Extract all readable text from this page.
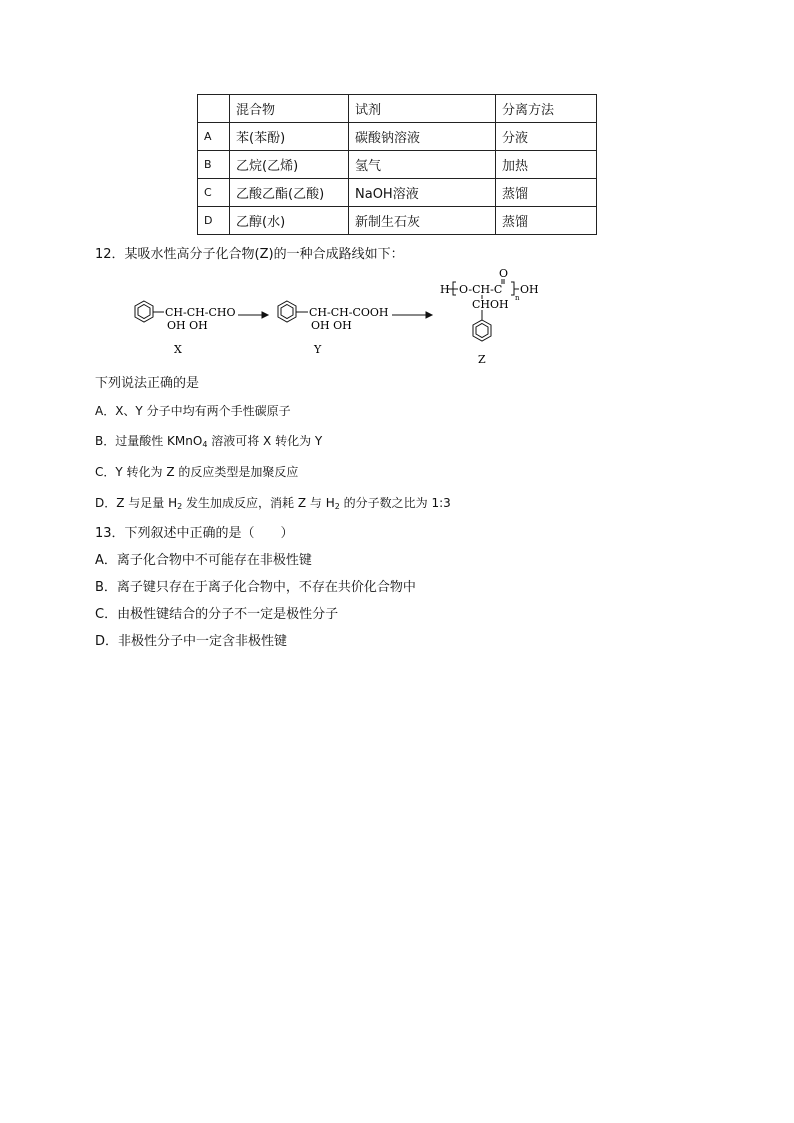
	混合物	试剂	分离方法
A	苯(苯酚)	碳酸钠溶液	分液
B	乙烷(乙烯)	氢气	加热
C	乙酸乙酯(乙酸)	NaOH溶液	蒸馏
D	乙醇(水)	新制生石灰	蒸馏
12．某吸水性高分子化合物(Z)的一种合成路线如下：
CH-CH-CHO
OH OH
X
CH-CH-COOH
OH OH
Y
H O-CH-C
O
OH
n
CHOH
Z
下列说法正确的是
A．X、Y 分子中均有两个手性碳原子
B．过量酸性 KMnO$_4$ 溶液可将 X 转化为 Y
C．Y 转化为 Z 的反应类型是加聚反应
D．Z 与足量 $H_2$ 发生加成反应，消耗 Z 与 $H_2$ 的分子数之比为 1:3
13．下列叙述中正确的是（　　）
A．离子化合物中不可能存在非极性键
B．离子键只存在于离子化合物中，不存在共价化合物中
C．由极性键结合的分子不一定是极性分子
D．非极性分子中一定含非极性键
